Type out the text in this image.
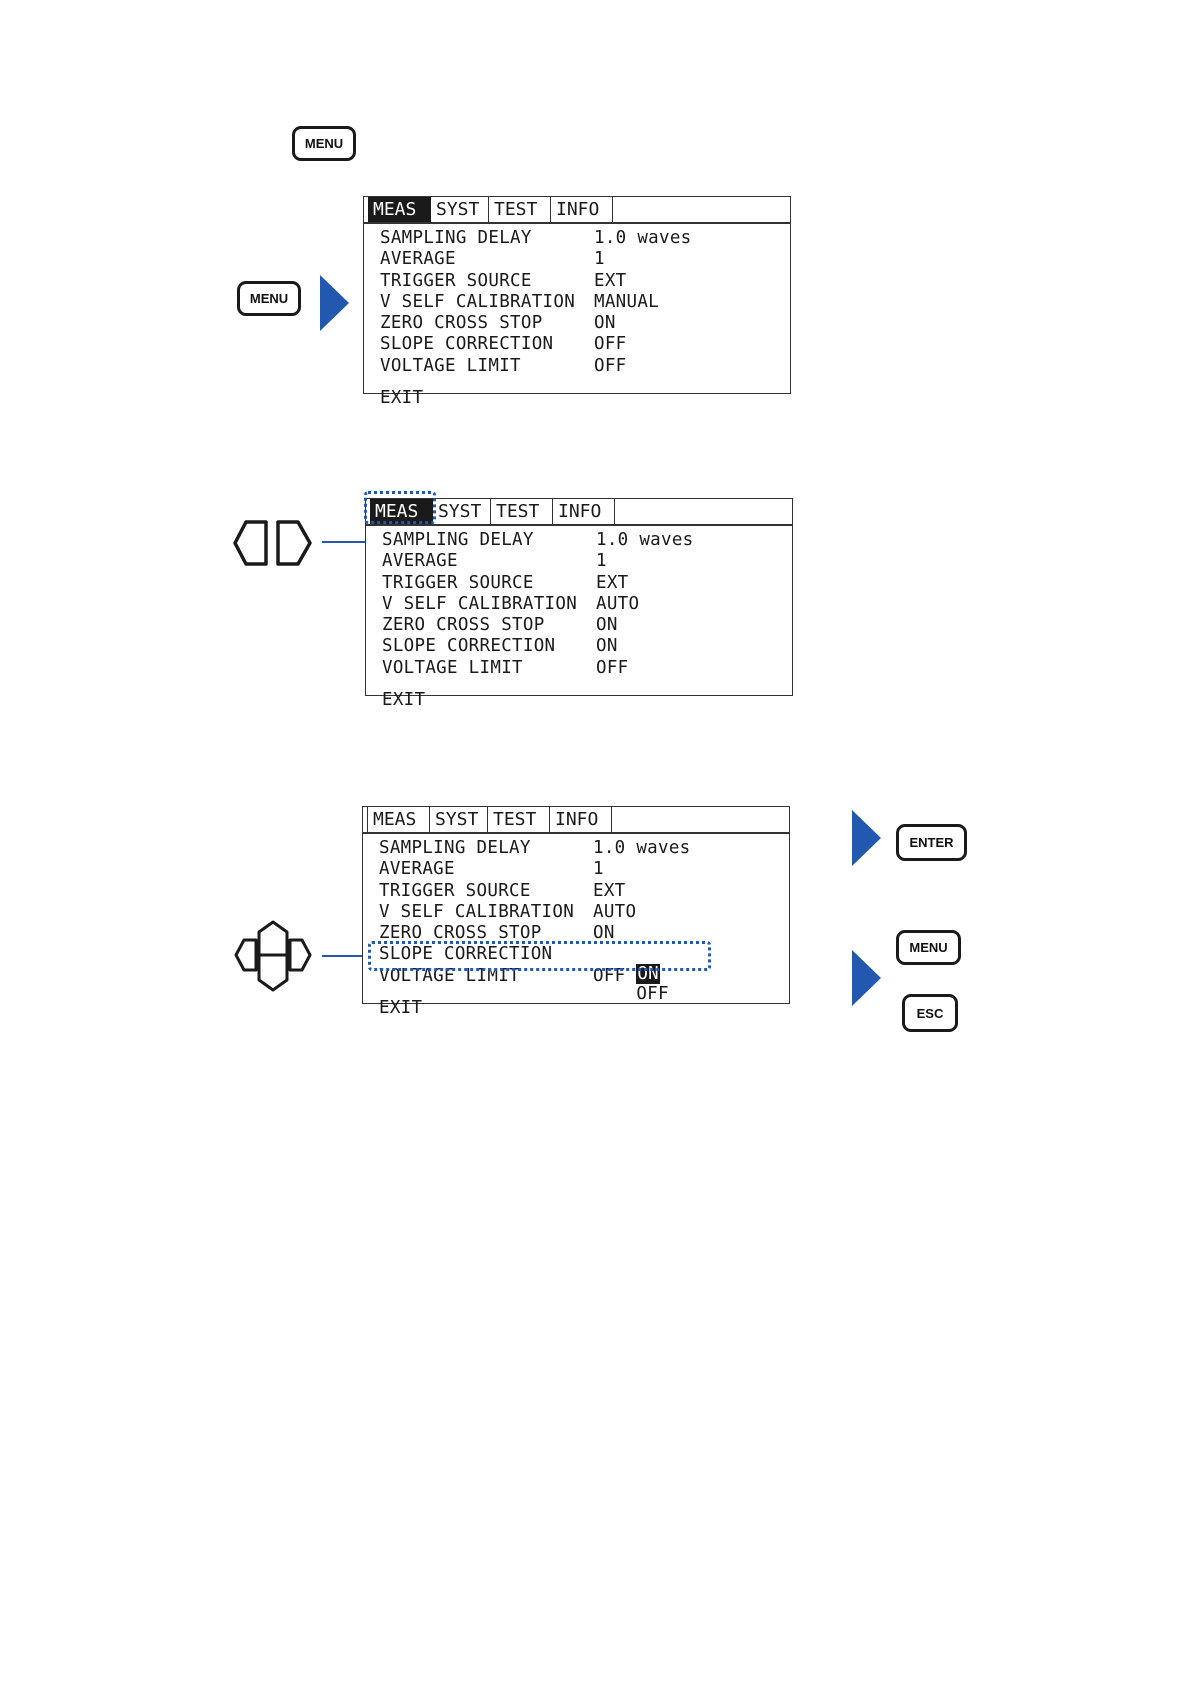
MENU
MENU
MEAS	SYST TEST	INFO
SAMPLING DELAY	1.0 waves
AVERAGE	1
TRIGGER SOURCE	EXT
V SELF CALIBRATION MANUAL
ZERO CROSS STOP	ON
SLOPE CORRECTION OFF
VOLTAGE LIMIT	OFF
EXIT
MEAS	SYST TEST	INFO
SAMPLING DELAY	1.0 waves
AVERAGE	1
TRIGGER SOURCE	EXT
V SELF CALIBRATION AUTO
ZERO CROSS STOP	ON
SLOPE CORRECTION ON
VOLTAGE LIMIT	OFF
EXIT
MEAS	SYST TEST	INFO
SAMPLING DELAY	1.0 waves
AVERAGE	1
TRIGGER SOURCE	EXT
V SELF CALIBRATION AUTO
ZERO CROSS STOP	ON
SLOPE CORRECTION

ON
OFF

VOLTAGE LIMIT	OFF
EXIT
ENTER
MENU
ESC
